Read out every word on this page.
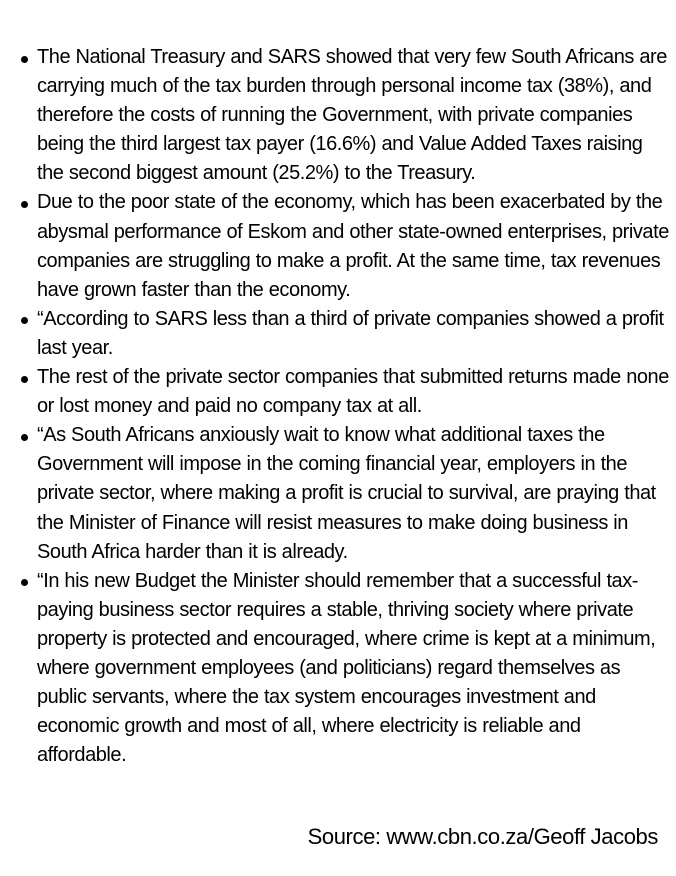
The National Treasury and SARS showed that very few South Africans are carrying much of the tax burden through personal income tax (38%), and therefore the costs of running the Government, with private companies being the third largest tax payer (16.6%) and Value Added Taxes raising the second biggest amount (25.2%) to the Treasury.
Due to the poor state of the economy, which has been exacerbated by the abysmal performance of Eskom and other state-owned enterprises, private companies are struggling to make a profit. At the same time, tax revenues have grown faster than the economy.
“According to SARS less than a third of private companies showed a profit last year.
The rest of the private sector companies that submitted returns made none or lost money and paid no company tax at all.
“As South Africans anxiously wait to know what additional taxes the Government will impose in the coming financial year, employers in the private sector, where making a profit is crucial to survival, are praying that the Minister of Finance will resist measures to make doing business in South Africa harder than it is already.
“In his new Budget the Minister should remember that a successful tax-paying business sector requires a stable, thriving society where private property is protected and encouraged, where crime is kept at a minimum, where government employees (and politicians) regard themselves as public servants, where the tax system encourages investment and economic growth and most of all, where electricity is reliable and affordable.
Source: www.cbn.co.za/Geoff Jacobs
